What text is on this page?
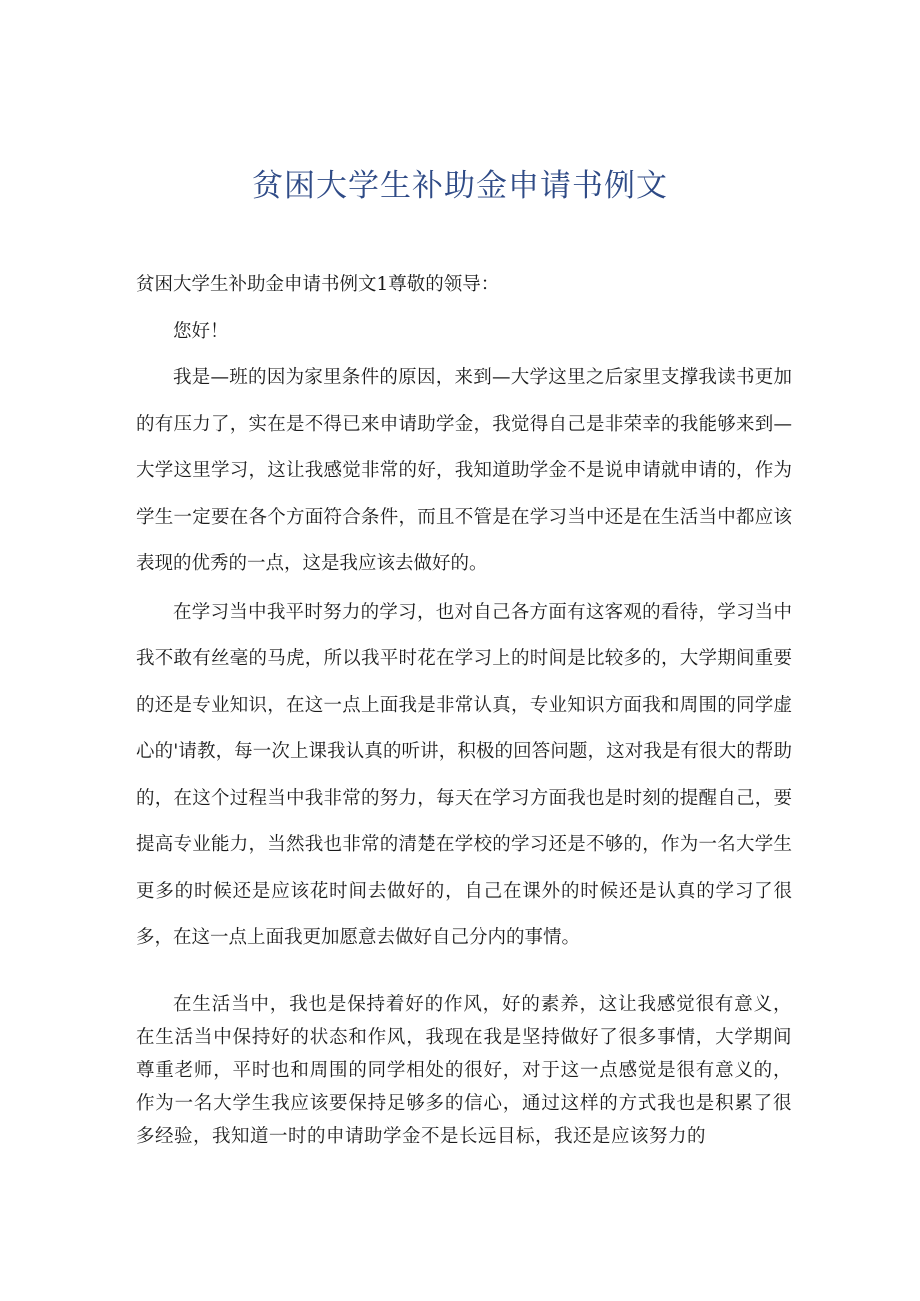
贫困大学生补助金申请书例文

贫困大学生补助金申请书例文1尊敬的领导：

您好！

我是—班的因为家里条件的原因，来到—大学这里之后家里支撑我读书更加的有压力了，实在是不得已来申请助学金，我觉得自己是非荣幸的我能够来到—大学这里学习，这让我感觉非常的好，我知道助学金不是说申请就申请的，作为学生一定要在各个方面符合条件，而且不管是在学习当中还是在生活当中都应该表现的优秀的一点，这是我应该去做好的。

在学习当中我平时努力的学习，也对自己各方面有这客观的看待，学习当中我不敢有丝毫的马虎，所以我平时花在学习上的时间是比较多的，大学期间重要的还是专业知识，在这一点上面我是非常认真，专业知识方面我和周围的同学虚心的'请教，每一次上课我认真的听讲，积极的回答问题，这对我是有很大的帮助的，在这个过程当中我非常的努力，每天在学习方面我也是时刻的提醒自己，要提高专业能力，当然我也非常的清楚在学校的学习还是不够的，作为一名大学生更多的时候还是应该花时间去做好的，自己在课外的时候还是认真的学习了很多，在这一点上面我更加愿意去做好自己分内的事情。

在生活当中，我也是保持着好的作风，好的素养，这让我感觉很有意义，在生活当中保持好的状态和作风，我现在我是坚持做好了很多事情，大学期间尊重老师，平时也和周围的同学相处的很好，对于这一点感觉是很有意义的，作为一名大学生我应该要保持足够多的信心，通过这样的方式我也是积累了很多经验，我知道一时的申请助学金不是长远目标，我还是应该努力的
